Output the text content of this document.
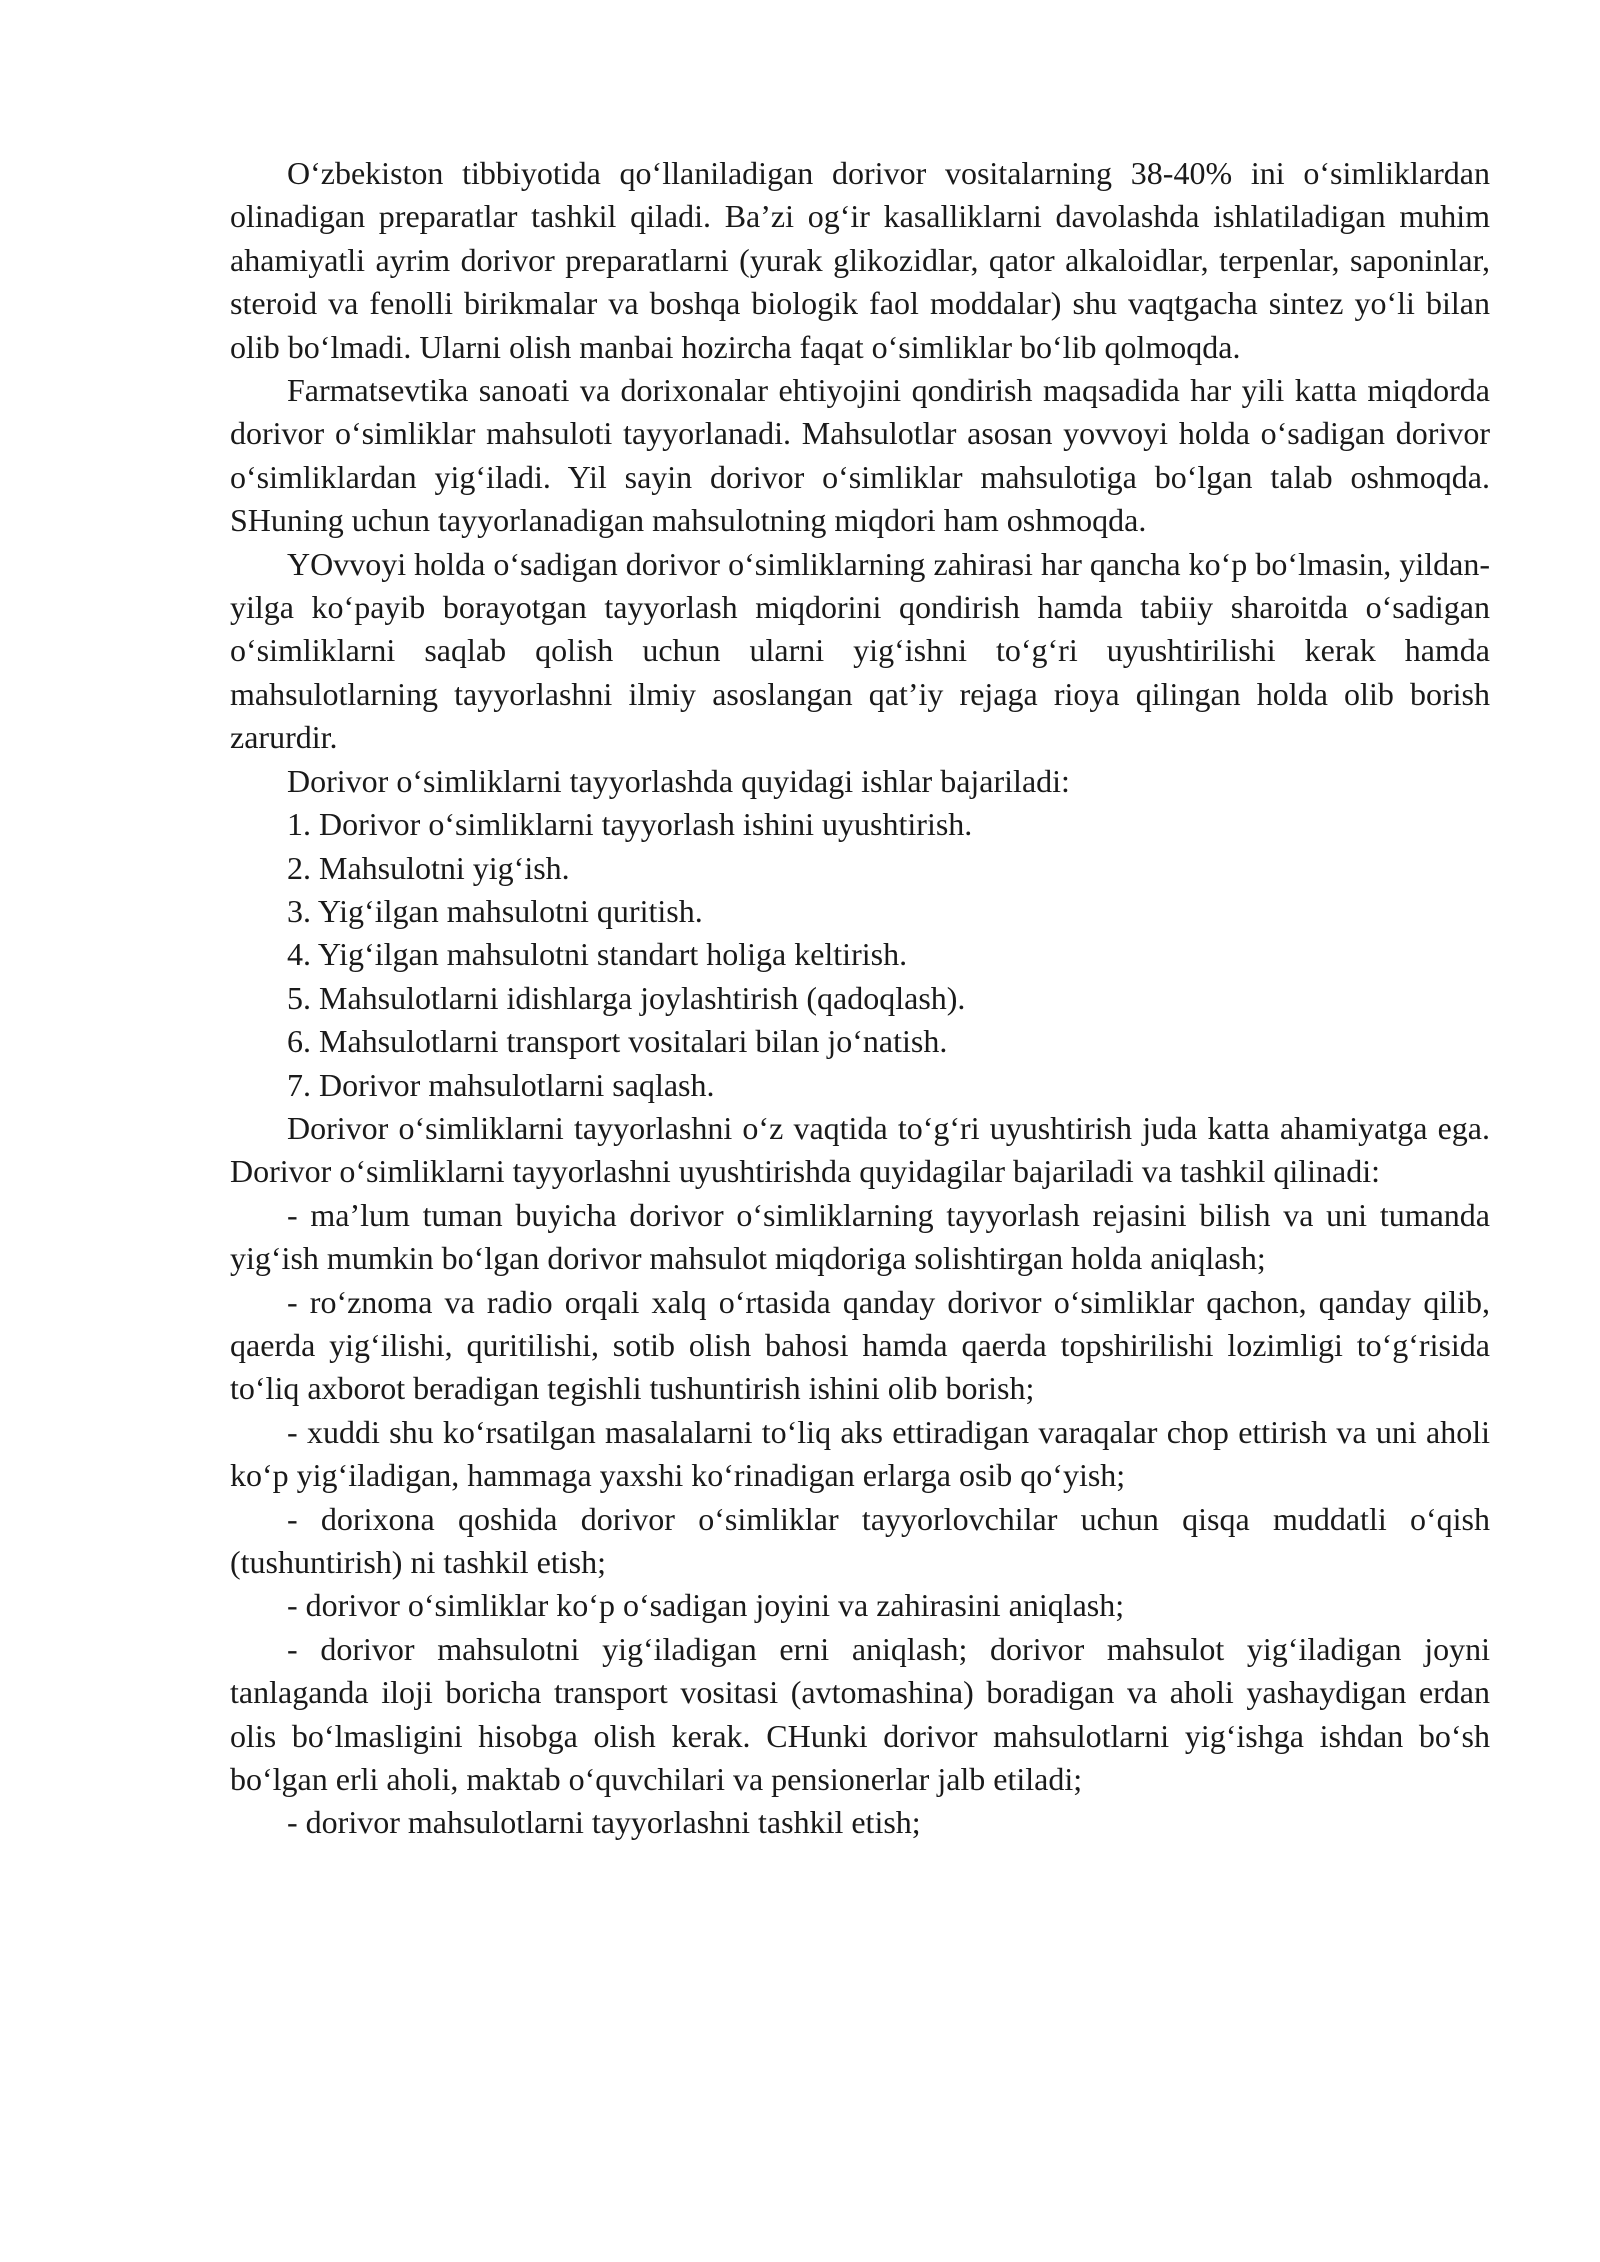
O‘zbekiston tibbiyotida qo‘llaniladigan dorivor vositalarning 38-40% ini o‘simliklardan olinadigan preparatlar tashkil qiladi. Ba’zi og‘ir kasalliklarni davolashda ishlatiladigan muhim ahamiyatli ayrim dorivor preparatlarni (yurak glikozidlar, qator alkaloidlar, terpenlar, saponinlar, steroid va fenolli birikmalar va boshqa biologik faol moddalar) shu vaqtgacha sintez yo‘li bilan olib bo‘lmadi. Ularni olish manbai hozircha faqat o‘simliklar bo‘lib qolmoqda.

Farmatsevtika sanoati va dorixonalar ehtiyojini qondirish maqsadida har yili katta miqdorda dorivor o‘simliklar mahsuloti tayyorlanadi. Mahsulotlar asosan yovvoyi holda o‘sadigan dorivor o‘simliklardan yig‘iladi. Yil sayin dorivor o‘simliklar mahsulotiga bo‘lgan talab oshmoqda. SHuning uchun tayyorlanadigan mahsulotning miqdori ham oshmoqda.

YOvvoyi holda o‘sadigan dorivor o‘simliklarning zahirasi har qancha ko‘p bo‘lmasin, yildan-yilga ko‘payib borayotgan tayyorlash miqdorini qondirish hamda tabiiy sharoitda o‘sadigan o‘simliklarni saqlab qolish uchun ularni yig‘ishni to‘g‘ri uyushtirilishi kerak hamda mahsulotlarning tayyorlashni ilmiy asoslangan qat’iy rejaga rioya qilingan holda olib borish zarurdir.

Dorivor o‘simliklarni tayyorlashda quyidagi ishlar bajariladi:

1. Dorivor o‘simliklarni tayyorlash ishini uyushtirish.

2. Mahsulotni yig‘ish.

3. Yig‘ilgan mahsulotni quritish.

4. Yig‘ilgan mahsulotni standart holiga keltirish.

5. Mahsulotlarni idishlarga joylashtirish (qadoqlash).

6. Mahsulotlarni transport vositalari bilan jo‘natish.

7. Dorivor mahsulotlarni saqlash.

Dorivor o‘simliklarni tayyorlashni o‘z vaqtida to‘g‘ri uyushtirish juda katta ahamiyatga ega. Dorivor o‘simliklarni tayyorlashni uyushtirishda quyidagilar bajariladi va tashkil qilinadi:

- ma’lum tuman buyicha dorivor o‘simliklarning tayyorlash rejasini bilish va uni tumanda yig‘ish mumkin bo‘lgan dorivor mahsulot miqdoriga solishtirgan holda aniqlash;

- ro‘znoma va radio orqali xalq o‘rtasida qanday dorivor o‘simliklar qachon, qanday qilib, qaerda yig‘ilishi, quritilishi, sotib olish bahosi hamda qaerda topshirilishi lozimligi to‘g‘risida to‘liq axborot beradigan tegishli tushuntirish ishini olib borish;

- xuddi shu ko‘rsatilgan masalalarni to‘liq aks ettiradigan varaqalar chop ettirish va uni aholi ko‘p yig‘iladigan, hammaga yaxshi ko‘rinadigan erlarga osib qo‘yish;

- dorixona qoshida dorivor o‘simliklar tayyorlovchilar uchun qisqa muddatli o‘qish (tushuntirish) ni tashkil etish;

- dorivor o‘simliklar ko‘p o‘sadigan joyini va zahirasini aniqlash;

- dorivor mahsulotni yig‘iladigan erni aniqlash; dorivor mahsulot yig‘iladigan joyni tanlaganda iloji boricha transport vositasi (avtomashina) boradigan va aholi yashaydigan erdan olis bo‘lmasligini hisobga olish kerak. CHunki dorivor mahsulotlarni yig‘ishga ishdan bo‘sh bo‘lgan erli aholi, maktab o‘quvchilari va pensionerlar jalb etiladi;

- dorivor mahsulotlarni tayyorlashni tashkil etish;
